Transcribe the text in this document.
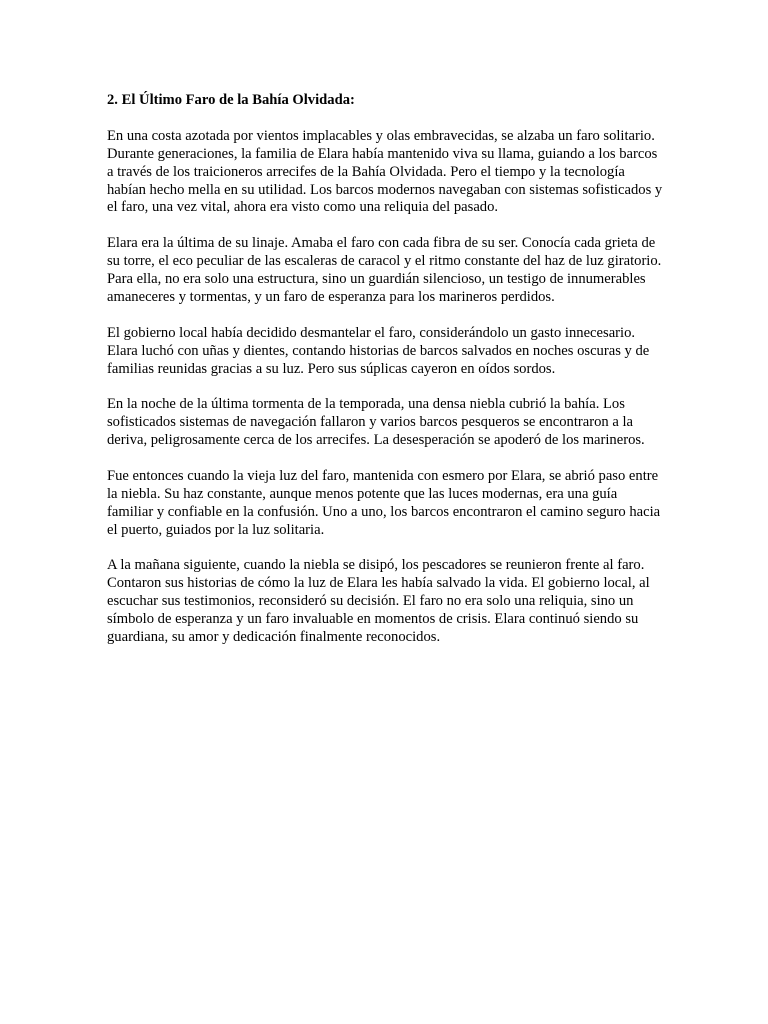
2. El Último Faro de la Bahía Olvidada:

En una costa azotada por vientos implacables y olas embravecidas, se alzaba un faro solitario. Durante generaciones, la familia de Elara había mantenido viva su llama, guiando a los barcos a través de los traicioneros arrecifes de la Bahía Olvidada. Pero el tiempo y la tecnología habían hecho mella en su utilidad. Los barcos modernos navegaban con sistemas sofisticados y el faro, una vez vital, ahora era visto como una reliquia del pasado.

Elara era la última de su linaje. Amaba el faro con cada fibra de su ser. Conocía cada grieta de su torre, el eco peculiar de las escaleras de caracol y el ritmo constante del haz de luz giratorio. Para ella, no era solo una estructura, sino un guardián silencioso, un testigo de innumerables amaneceres y tormentas, y un faro de esperanza para los marineros perdidos.

El gobierno local había decidido desmantelar el faro, considerándolo un gasto innecesario. Elara luchó con uñas y dientes, contando historias de barcos salvados en noches oscuras y de familias reunidas gracias a su luz. Pero sus súplicas cayeron en oídos sordos.

En la noche de la última tormenta de la temporada, una densa niebla cubrió la bahía. Los sofisticados sistemas de navegación fallaron y varios barcos pesqueros se encontraron a la deriva, peligrosamente cerca de los arrecifes. La desesperación se apoderó de los marineros.

Fue entonces cuando la vieja luz del faro, mantenida con esmero por Elara, se abrió paso entre la niebla. Su haz constante, aunque menos potente que las luces modernas, era una guía familiar y confiable en la confusión. Uno a uno, los barcos encontraron el camino seguro hacia el puerto, guiados por la luz solitaria.

A la mañana siguiente, cuando la niebla se disipó, los pescadores se reunieron frente al faro. Contaron sus historias de cómo la luz de Elara les había salvado la vida. El gobierno local, al escuchar sus testimonios, reconsideró su decisión. El faro no era solo una reliquia, sino un símbolo de esperanza y un faro invaluable en momentos de crisis. Elara continuó siendo su guardiana, su amor y dedicación finalmente reconocidos.
